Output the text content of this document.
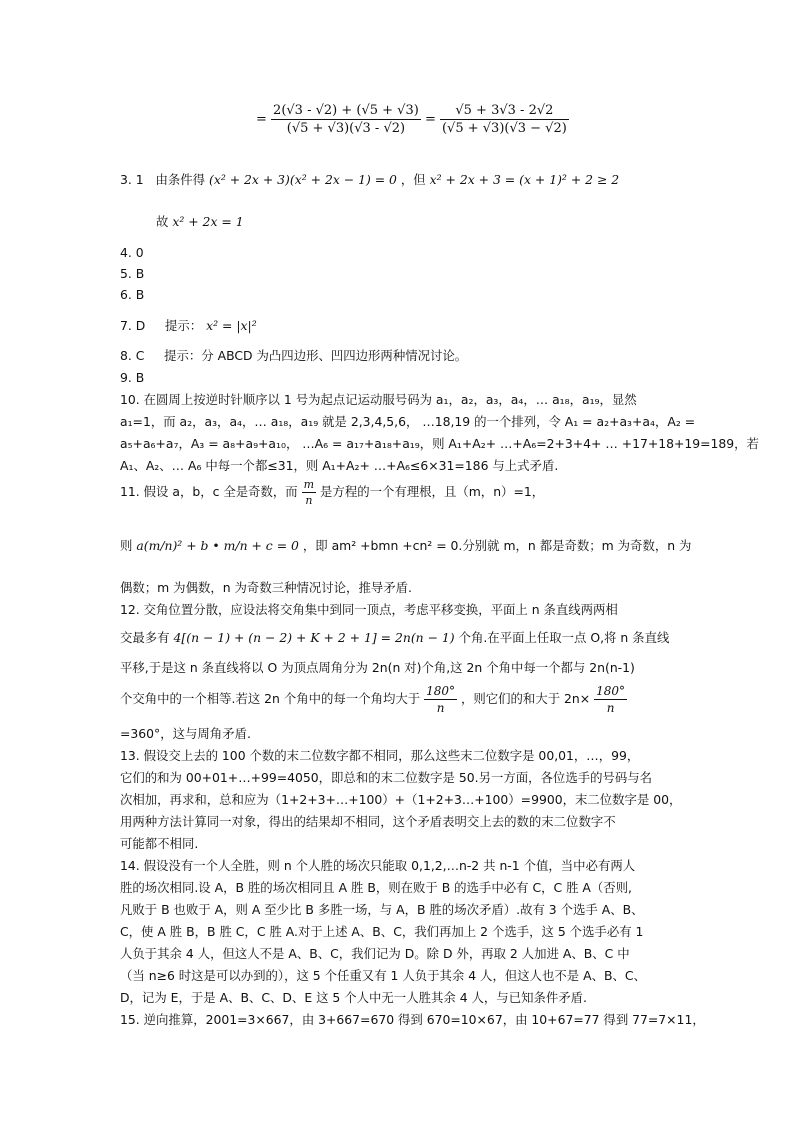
= $\frac{2(√3 - √2) + (√5 + √3)}{(√5 + √3)(√3 - √2)} = \frac{√5 + 3√3 - 2√2}{(√5 + √3)(√3 - √2)}$
3. 1 由条件得 (x² + 2x + 3)(x² + 2x − 1) = 0 ，但 x² + 2x + 3 = (x + 1)² + 2 ≥ 2
故 x² + 2x = 1
4. 0
5. B
6. B
7. D 提示： x² = |x|²
8. C 提示：分 ABCD 为凸四边形、凹四边形两种情况讨论。
9. B
10. 在圆周上按逆时针顺序以 1 号为起点记运动服号码为 a₁，a₂，a₃，a₄，… a₁₈，a₁₉，显然
a₁=1，而 a₂，a₃，a₄，… a₁₈，a₁₉ 就是 2,3,4,5,6， …18,19 的一个排列，令 A₁ = a₂+a₃+a₄，A₂ =
a₅+a₆+a₇，A₃ = a₈+a₉+a₁₀， …A₆ = a₁₇+a₁₈+a₁₉，则 A₁+A₂+ …+A₆=2+3+4+ … +17+18+19=189，若
A₁、A₂、… A₆ 中每一个都≤31，则 A₁+A₂+ …+A₆≤6×31=186 与上式矛盾.
11. 假设 a，b，c 全是奇数，而 $\frac{m}{n}$ 是方程的一个有理根，且（m，n）=1，
则 a(m/n)² + b • m/n + c = 0 ，即 am² +bmn +cn² = 0.分别就 m，n 都是奇数；m 为奇数，n 为
偶数；m 为偶数，n 为奇数三种情况讨论，推导矛盾.
12. 交角位置分散，应设法将交角集中到同一顶点，考虑平移变换，平面上 n 条直线两两相
交最多有 4[(n − 1) + (n − 2) + K + 2 + 1] = 2n(n − 1) 个角.在平面上任取一点 O,将 n 条直线
平移,于是这 n 条直线将以 O 为顶点周角分为 2n(n 对)个角,这 2n 个角中每一个都与 2n(n-1)
个交角中的一个相等.若这 2n 个角中的每一个角均大于 $\frac{180^\circ}{n}$ ，则它们的和大于 $2n\times \frac{180^\circ}{n}$
=360°，这与周角矛盾.
13. 假设交上去的 100 个数的末二位数字都不相同，那么这些末二位数字是 00,01，…，99，
它们的和为 00+01+…+99=4050，即总和的末二位数字是 50.另一方面，各位选手的号码与名
次相加，再求和，总和应为（1+2+3+…+100）+（1+2+3…+100）=9900，末二位数字是 00，
用两种方法计算同一对象，得出的结果却不相同，这个矛盾表明交上去的数的末二位数字不
可能都不相同.
14. 假设没有一个人全胜，则 n 个人胜的场次只能取 0,1,2,…n-2 共 n-1 个值，当中必有两人
胜的场次相同.设 A，B 胜的场次相同且 A 胜 B，则在败于 B 的选手中必有 C，C 胜 A（否则,
凡败于 B 也败于 A，则 A 至少比 B 多胜一场，与 A，B 胜的场次矛盾）.故有 3 个选手 A、B、
C，使 A 胜 B，B 胜 C，C 胜 A.对于上述 A、B、C，我们再加上 2 个选手，这 5 个选手必有 1
人负于其余 4 人，但这人不是 A、B、C，我们记为 D。除 D 外，再取 2 人加进 A、B、C 中
（当 n≥6 时这是可以办到的），这 5 个任重又有 1 人负于其余 4 人，但这人也不是 A、B、C、
D，记为 E，于是 A、B、C、D、E 这 5 个人中无一人胜其余 4 人，与已知条件矛盾.
15. 逆向推算，2001=3×667，由 3+667=670 得到 670=10×67，由 10+67=77 得到 77=7×11，
